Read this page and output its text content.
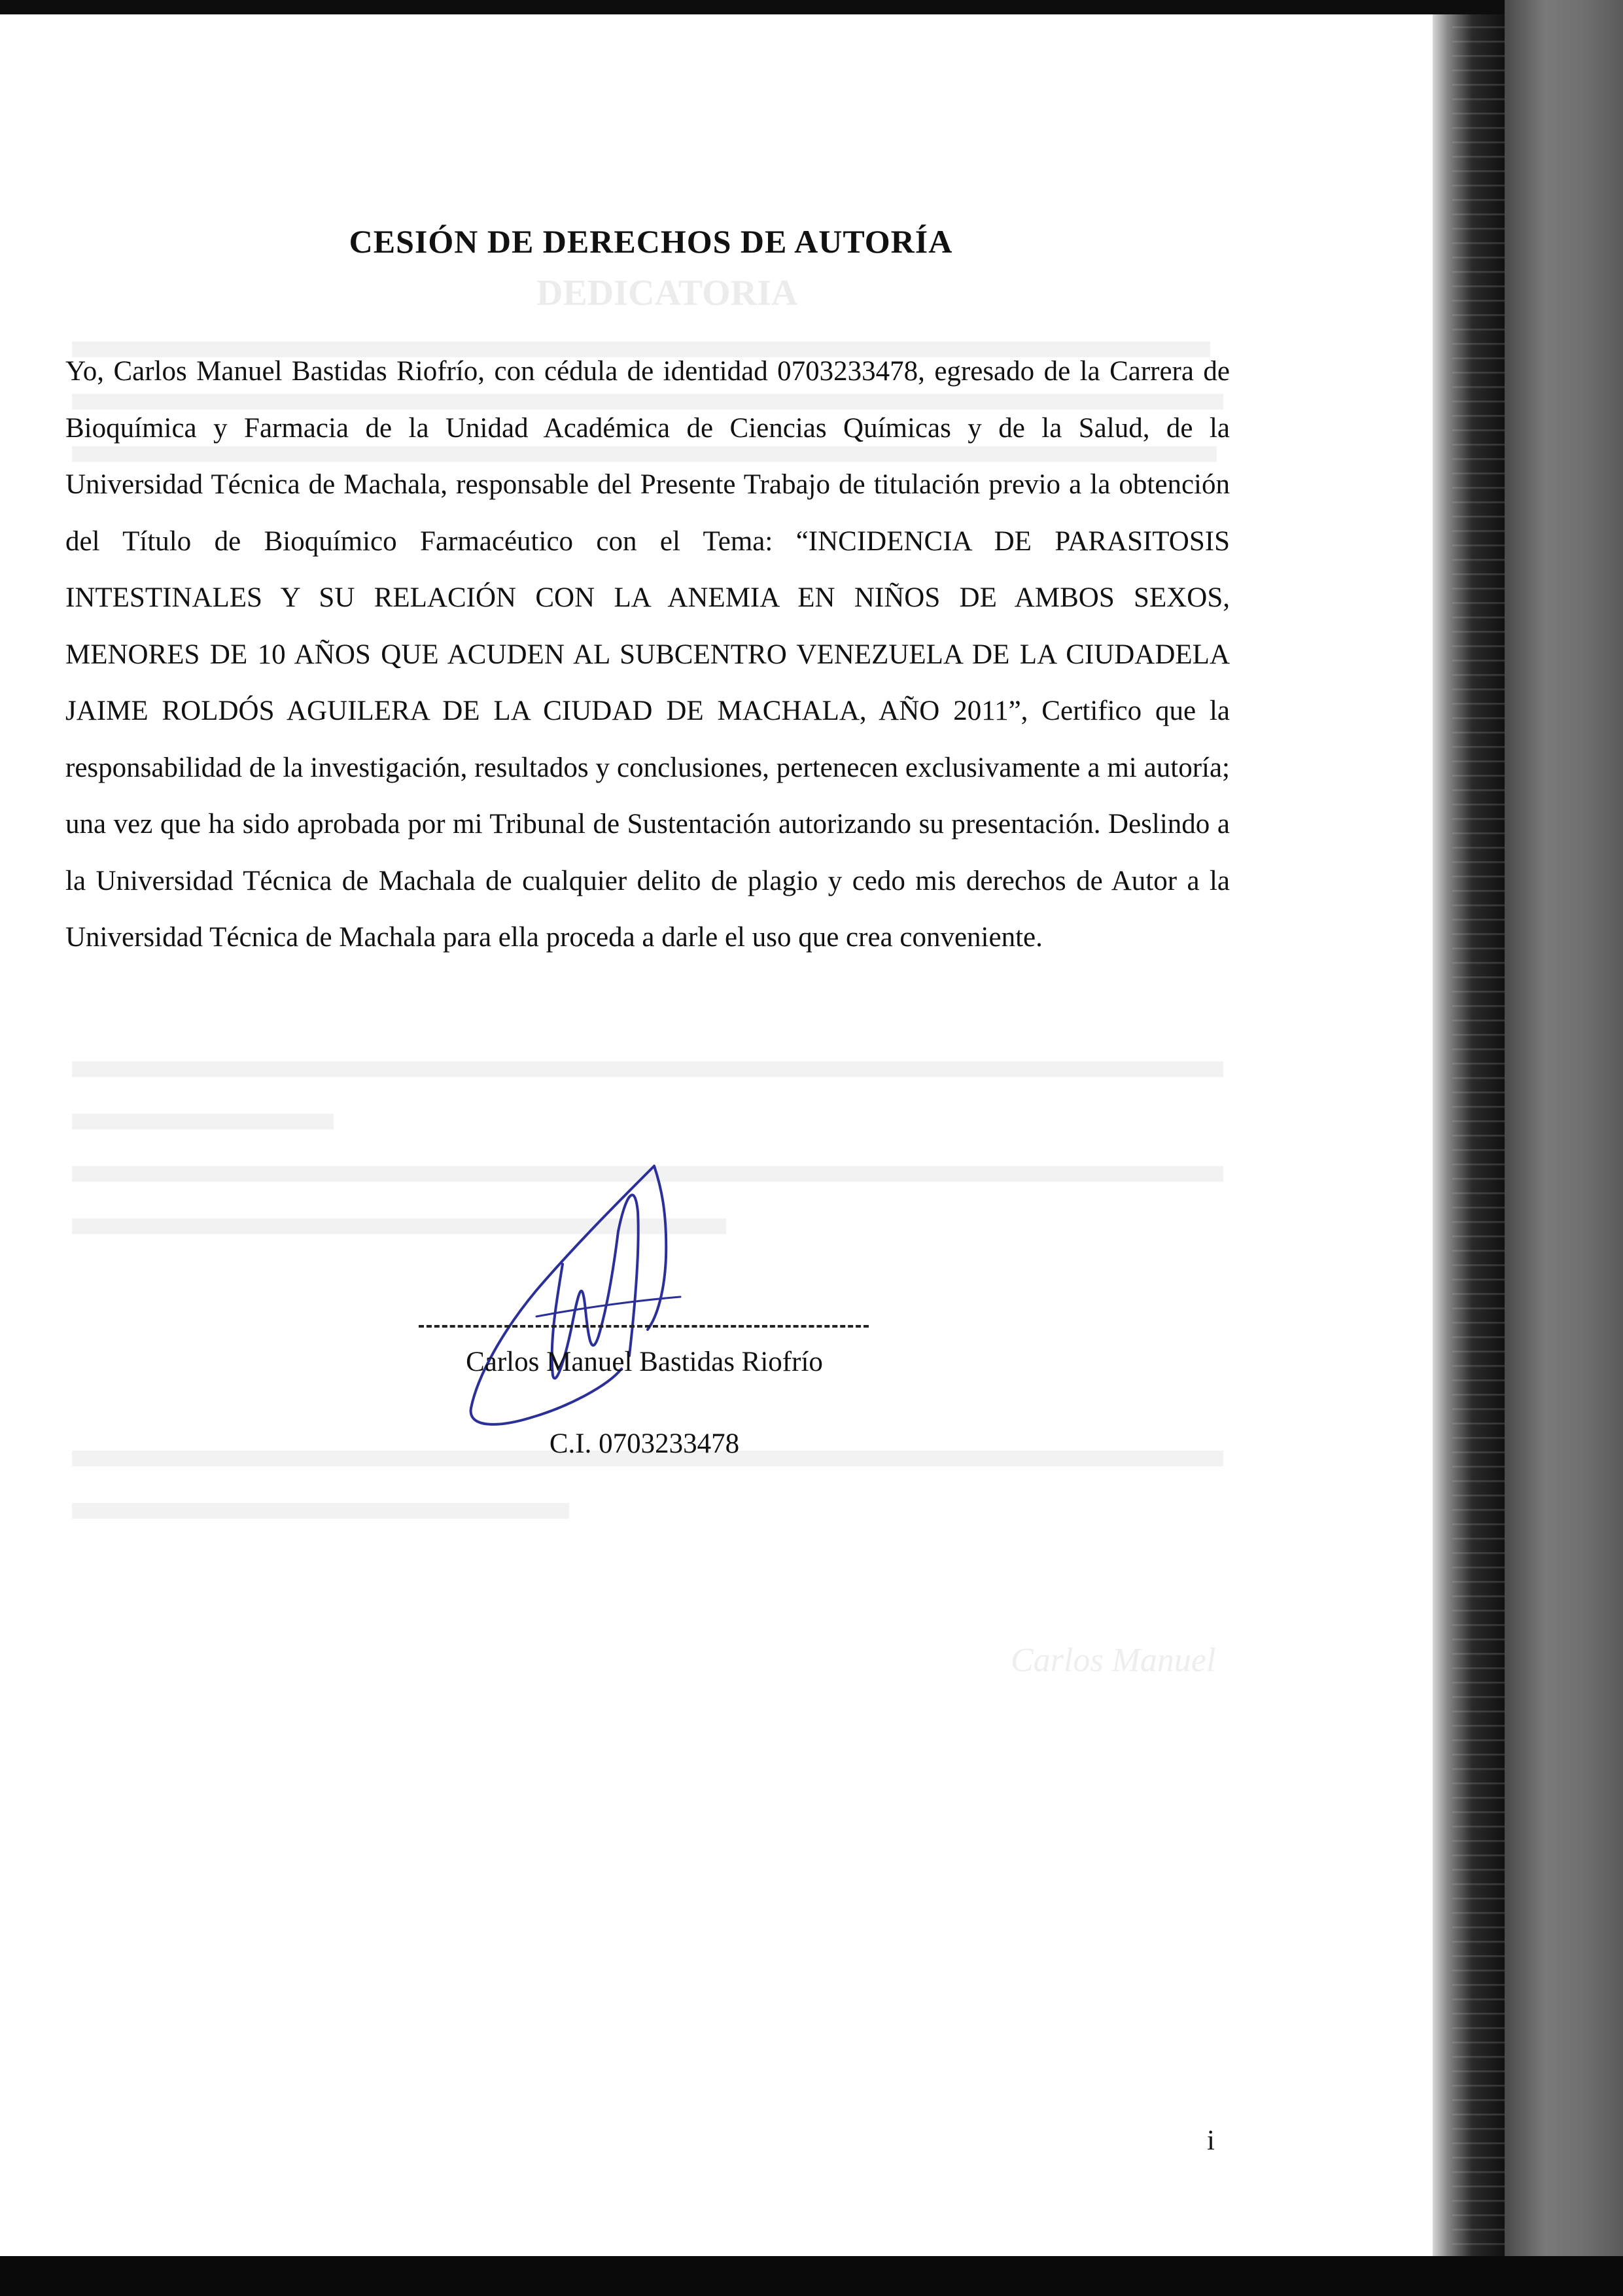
DEDICATORIA
Carlos Manuel
CESIÓN DE DERECHOS DE AUTORÍA
Yo, Carlos Manuel Bastidas Riofrío, con cédula de identidad 0703233478, egresado de la Carrera de Bioquímica y Farmacia de la Unidad Académica de Ciencias Químicas y de la Salud, de la Universidad Técnica de Machala, responsable del Presente Trabajo de titulación previo a la obtención del Título de Bioquímico Farmacéutico con el Tema: “INCIDENCIA DE PARASITOSIS INTESTINALES Y SU RELACIÓN CON LA ANEMIA EN NIÑOS DE AMBOS SEXOS, MENORES DE 10 AÑOS QUE ACUDEN AL SUBCENTRO VENEZUELA DE LA CIUDADELA JAIME ROLDÓS AGUILERA DE LA CIUDAD DE MACHALA, AÑO 2011”, Certifico que la responsabilidad de la investigación, resultados y conclusiones, pertenecen exclusivamente a mi autoría; una vez que ha sido aprobada por mi Tribunal de Sustentación autorizando su presentación. Deslindo a la Universidad Técnica de Machala de cualquier delito de plagio y cedo mis derechos de Autor a la Universidad Técnica de Machala para ella proceda a darle el uso que crea conveniente.
Carlos Manuel Bastidas Riofrío
C.I. 0703233478
i
